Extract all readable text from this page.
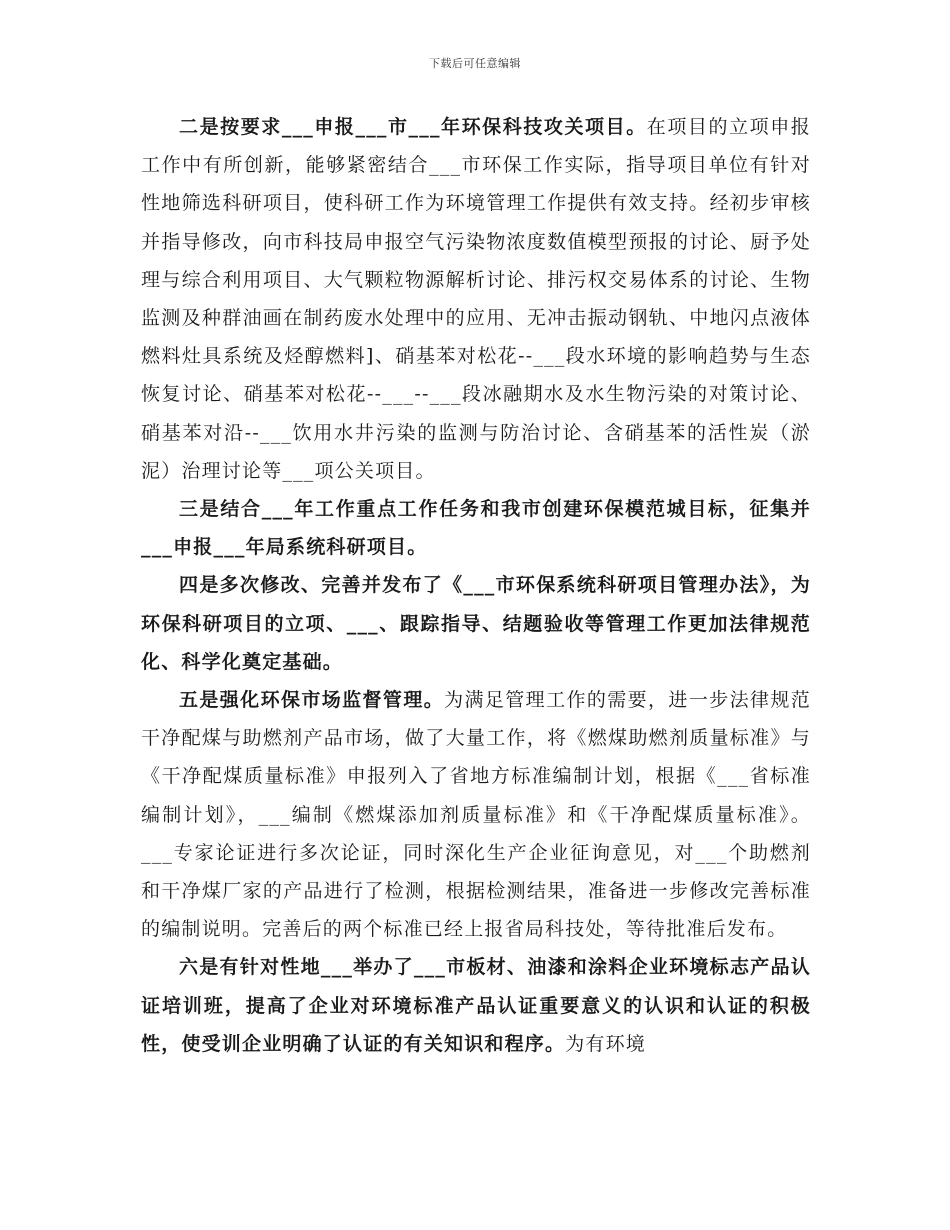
下载后可任意编辑

二是按要求___申报___市___年环保科技攻关项目。在项目的立项申报工作中有所创新，能够紧密结合___市环保工作实际，指导项目单位有针对性地筛选科研项目，使科研工作为环境管理工作提供有效支持。经初步审核并指导修改，向市科技局申报空气污染物浓度数值模型预报的讨论、厨予处理与综合利用项目、大气颗粒物源解析讨论、排污权交易体系的讨论、生物监测及种群油画在制药废水处理中的应用、无冲击振动钢轨、中地闪点液体燃料灶具系统及烃醇燃料]、硝基苯对松花--___段水环境的影响趋势与生态恢复讨论、硝基苯对松花--___--___段冰融期水及水生物污染的对策讨论、硝基苯对沿--___饮用水井污染的监测与防治讨论、含硝基苯的活性炭（淤泥）治理讨论等___项公关项目。

三是结合___年工作重点工作任务和我市创建环保模范城目标，征集并___申报___年局系统科研项目。

四是多次修改、完善并发布了《___市环保系统科研项目管理办法》，为环保科研项目的立项、___、跟踪指导、结题验收等管理工作更加法律规范化、科学化奠定基础。

五是强化环保市场监督管理。为满足管理工作的需要，进一步法律规范干净配煤与助燃剂产品市场，做了大量工作，将《燃煤助燃剂质量标准》与《干净配煤质量标准》申报列入了省地方标准编制计划，根据《___省标准编制计划》，___编制《燃煤添加剂质量标准》和《干净配煤质量标准》。___专家论证进行多次论证，同时深化生产企业征询意见，对___个助燃剂和干净煤厂家的产品进行了检测，根据检测结果，准备进一步修改完善标准的编制说明。完善后的两个标准已经上报省局科技处，等待批准后发布。

六是有针对性地___举办了___市板材、油漆和涂料企业环境标志产品认证培训班，提高了企业对环境标准产品认证重要意义的认识和认证的积极性，使受训企业明确了认证的有关知识和程序。为有环境
